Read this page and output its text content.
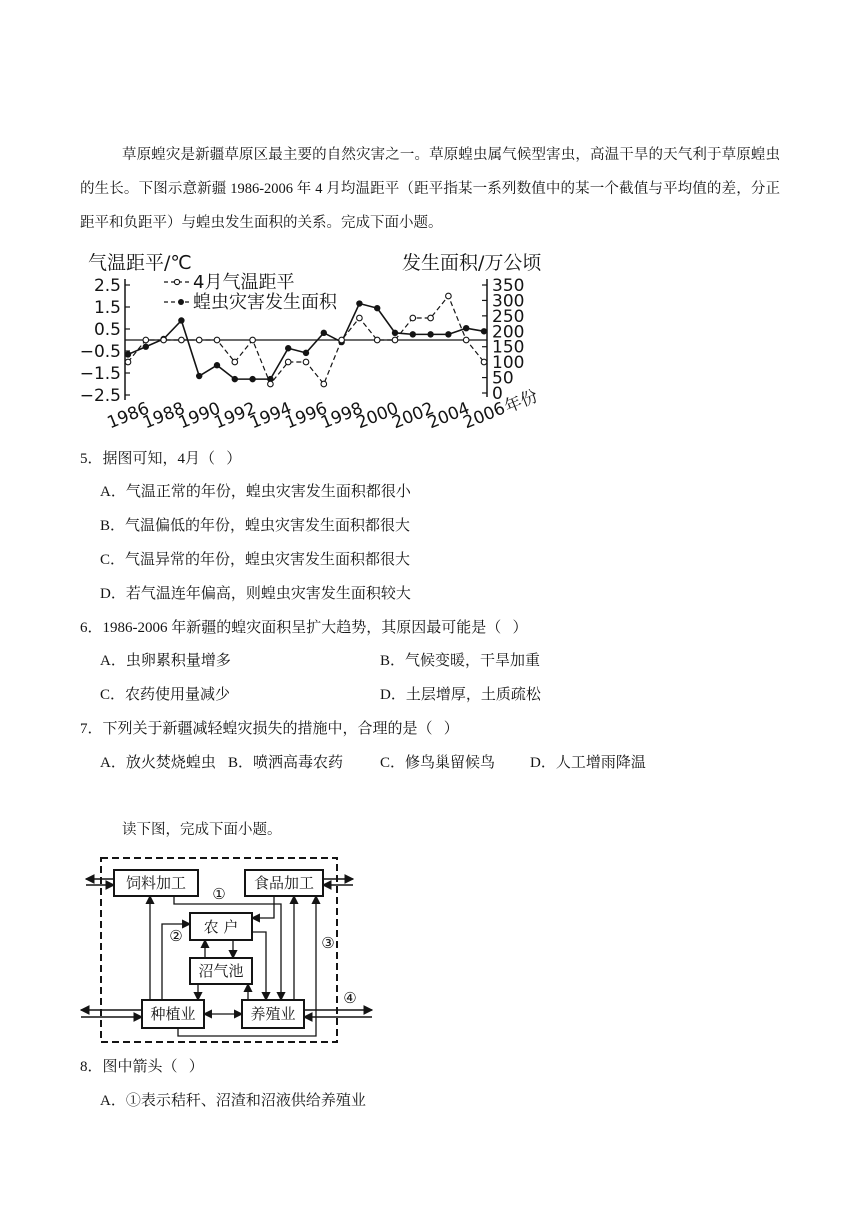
草原蝗灾是新疆草原区最主要的自然灾害之一。草原蝗虫属气候型害虫，高温干旱的天气利于草原蝗虫的生长。下图示意新疆 1986-2006 年 4 月均温距平（距平指某一系列数值中的某一个截值与平均值的差，分正距平和负距平）与蝗虫发生面积的关系。完成下面小题。

2.5
1.5
0.5
−0.5
−1.5
−2.5
350
300
250
200
150
100
50
0
1986
1988
1990
1992
1994
1996
1998
2000
2002
2004
2006
年份
气温距平/℃	发生面积/万公顷
4月气温距平
蝗虫灾害发生面积
5．据图可知，4月（   ）
A．气温正常的年份，蝗虫灾害发生面积都很小
B．气温偏低的年份，蝗虫灾害发生面积都很大
C．气温异常的年份，蝗虫灾害发生面积都很大
D．若气温连年偏高，则蝗虫灾害发生面积较大
6．1986-2006 年新疆的蝗灾面积呈扩大趋势，其原因最可能是（   ）
A．虫卵累积量增多	B．气候变暖，干旱加重
C．农药使用量减少	D．土层增厚，土质疏松
7．下列关于新疆减轻蝗灾损失的措施中，合理的是（   ）
A．放火焚烧蝗虫 B．喷洒高毒农药 C．修鸟巢留候鸟 D．人工增雨降温
读下图，完成下面小题。
饲料加工	食品加工
农 户
沼气池
种植业	养殖业
①
②	③
④
8．图中箭头（   ）
A．①表示秸秆、沼渣和沼液供给养殖业
